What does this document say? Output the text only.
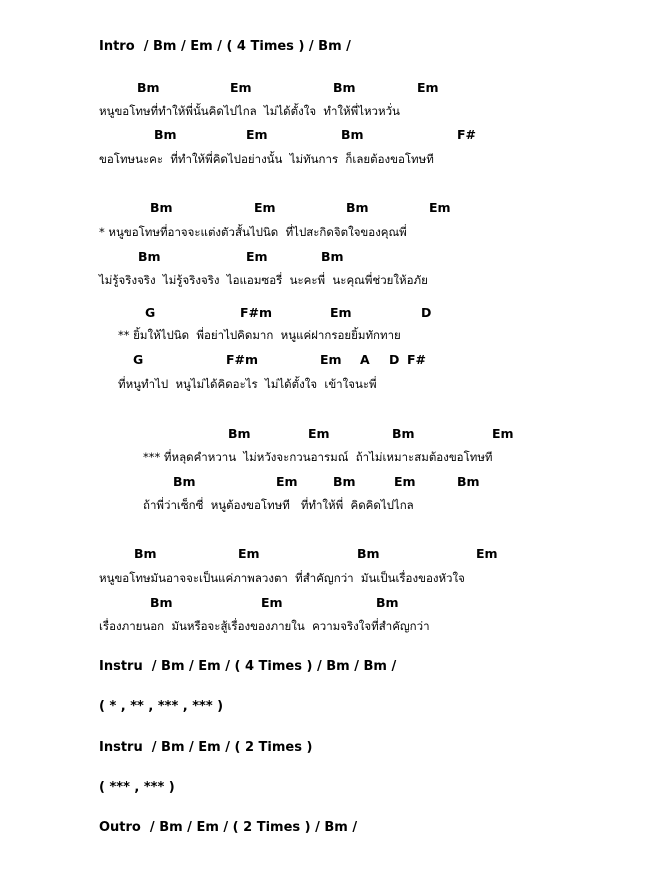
Intro  / Bm / Em / ( 4 Times ) / Bm /
Bm	Em	Bm	Em
หนูขอโทษที่ทำให้พี่นั้นคิดไปไกล  ไม่ได้ตั้งใจ  ทำให้พี่ไหวหวั่น
Bm	Em	Bm	F#
ขอโทษนะคะ  ที่ทำให้พี่คิดไปอย่างนั้น  ไม่ทันการ  ก็เลยต้องขอโทษที
Bm	Em	Bm	Em
* หนูขอโทษที่อาจจะแต่งตัวสั้นไปนิด  ที่ไปสะกิดจิตใจของคุณพี่
Bm	Em	Bm
ไม่รู้จริงจริง  ไม่รู้จริงจริง  ไอแอมซอรี่  นะคะพี่  นะคุณพี่ช่วยให้อภัย
G	F#m	Em	D
** ยิ้มให้ไปนิด  พี่อย่าไปคิดมาก  หนูแค่ฝากรอยยิ้มทักทาย
G	F#m	Em A D F#
ที่หนูทำไป  หนูไม่ได้คิดอะไร  ไม่ได้ตั้งใจ  เข้าใจนะพี่
Bm	Em	Bm	Em
*** ที่หลุดคำหวาน  ไม่หวังจะกวนอารมณ์  ถ้าไม่เหมาะสมต้องขอโทษที
Bm	Em	Bm	Em	Bm
ถ้าพี่ว่าเซ็กซี่  หนูต้องขอโทษที   ที่ทำให้พี่  คิดคิดไปไกล
Bm	Em	Bm	Em
หนูขอโทษมันอาจจะเป็นแค่ภาพลวงตา  ที่สำคัญกว่า  มันเป็นเรื่องของหัวใจ
Bm	Em	Bm
เรื่องภายนอก  มันหรือจะสู้เรื่องของภายใน  ความจริงใจที่สำคัญกว่า
Instru  / Bm / Em / ( 4 Times ) / Bm / Bm /
( * , ** , *** , *** )
Instru  / Bm / Em / ( 2 Times )
( *** , *** )
Outro  / Bm / Em / ( 2 Times ) / Bm /
